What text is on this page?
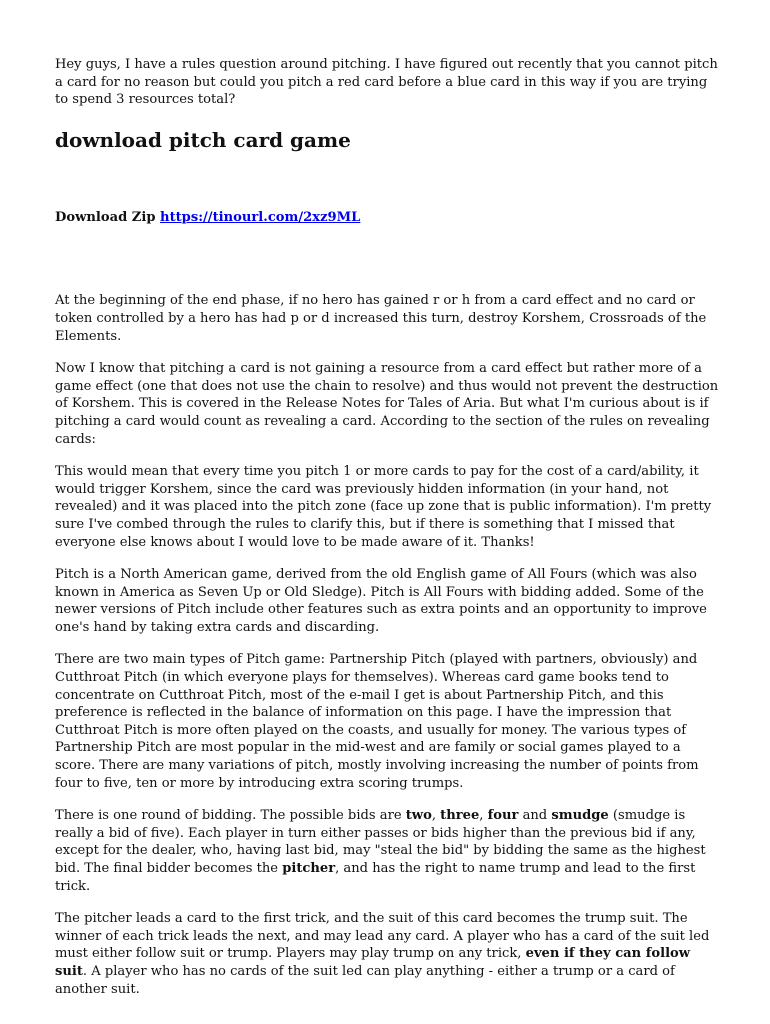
Hey guys, I have a rules question around pitching. I have figured out recently that you cannot pitch a card for no reason but could you pitch a red card before a blue card in this way if you are trying to spend 3 resources total?

download pitch card game
Download Zip https://tinourl.com/2xz9ML

At the beginning of the end phase, if no hero has gained r or h from a card effect and no card or token controlled by a hero has had p or d increased this turn, destroy Korshem, Crossroads of the Elements.

Now I know that pitching a card is not gaining a resource from a card effect but rather more of a game effect (one that does not use the chain to resolve) and thus would not prevent the destruction of Korshem. This is covered in the Release Notes for Tales of Aria. But what I'm curious about is if pitching a card would count as revealing a card. According to the section of the rules on revealing cards:

This would mean that every time you pitch 1 or more cards to pay for the cost of a card/ability, it would trigger Korshem, since the card was previously hidden information (in your hand, not revealed) and it was placed into the pitch zone (face up zone that is public information). I'm pretty sure I've combed through the rules to clarify this, but if there is something that I missed that everyone else knows about I would love to be made aware of it. Thanks!

Pitch is a North American game, derived from the old English game of All Fours (which was also known in America as Seven Up or Old Sledge). Pitch is All Fours with bidding added. Some of the newer versions of Pitch include other features such as extra points and an opportunity to improve one's hand by taking extra cards and discarding.

There are two main types of Pitch game: Partnership Pitch (played with partners, obviously) and Cutthroat Pitch (in which everyone plays for themselves). Whereas card game books tend to concentrate on Cutthroat Pitch, most of the e-mail I get is about Partnership Pitch, and this preference is reflected in the balance of information on this page. I have the impression that Cutthroat Pitch is more often played on the coasts, and usually for money. The various types of Partnership Pitch are most popular in the mid-west and are family or social games played to a score. There are many variations of pitch, mostly involving increasing the number of points from four to five, ten or more by introducing extra scoring trumps.

There is one round of bidding. The possible bids are two, three, four and smudge (smudge is really a bid of five). Each player in turn either passes or bids higher than the previous bid if any, except for the dealer, who, having last bid, may "steal the bid" by bidding the same as the highest bid. The final bidder becomes the pitcher, and has the right to name trump and lead to the first trick.

The pitcher leads a card to the first trick, and the suit of this card becomes the trump suit. The winner of each trick leads the next, and may lead any card. A player who has a card of the suit led must either follow suit or trump. Players may play trump on any trick, even if they can follow suit. A player who has no cards of the suit led can play anything - either a trump or a card of another suit.
